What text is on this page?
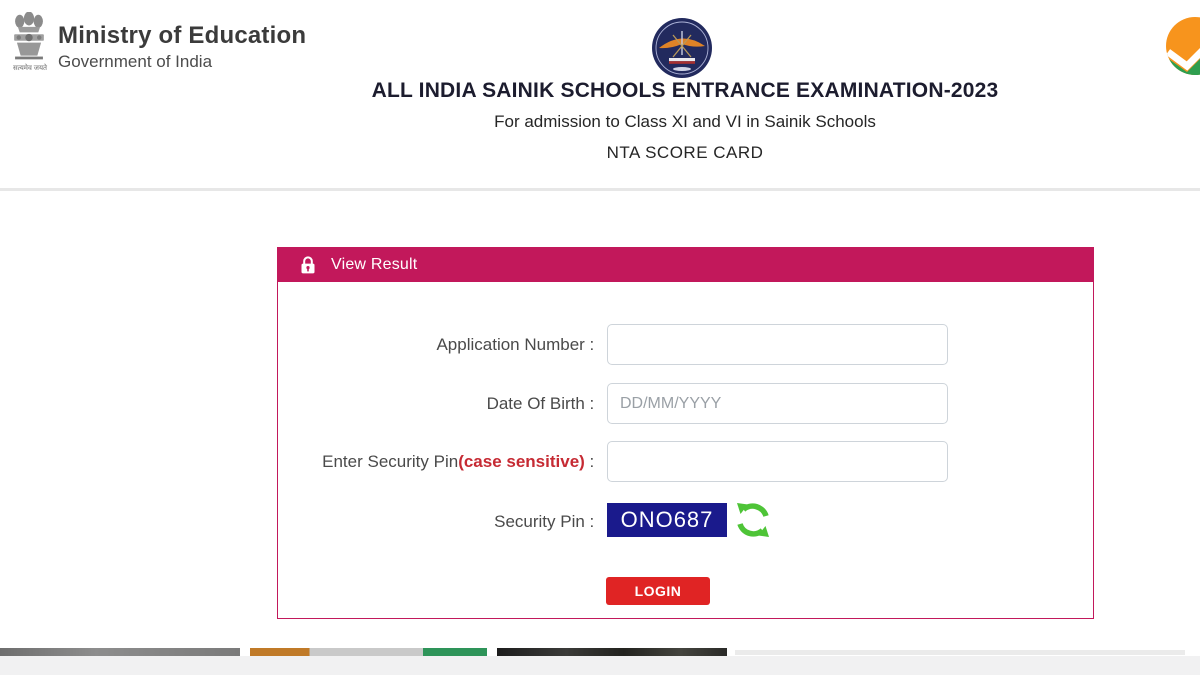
सत्यमेव जयते
Ministry of Education
Government of India
ALL INDIA SAINIK SCHOOLS ENTRANCE EXAMINATION-2023
For admission to Class XI and VI in Sainik Schools
NTA SCORE CARD
View Result
Application Number :
Date Of Birth :
DD/MM/YYYY
Enter Security Pin (case sensitive) :
Security Pin : ONO687
LOGIN
